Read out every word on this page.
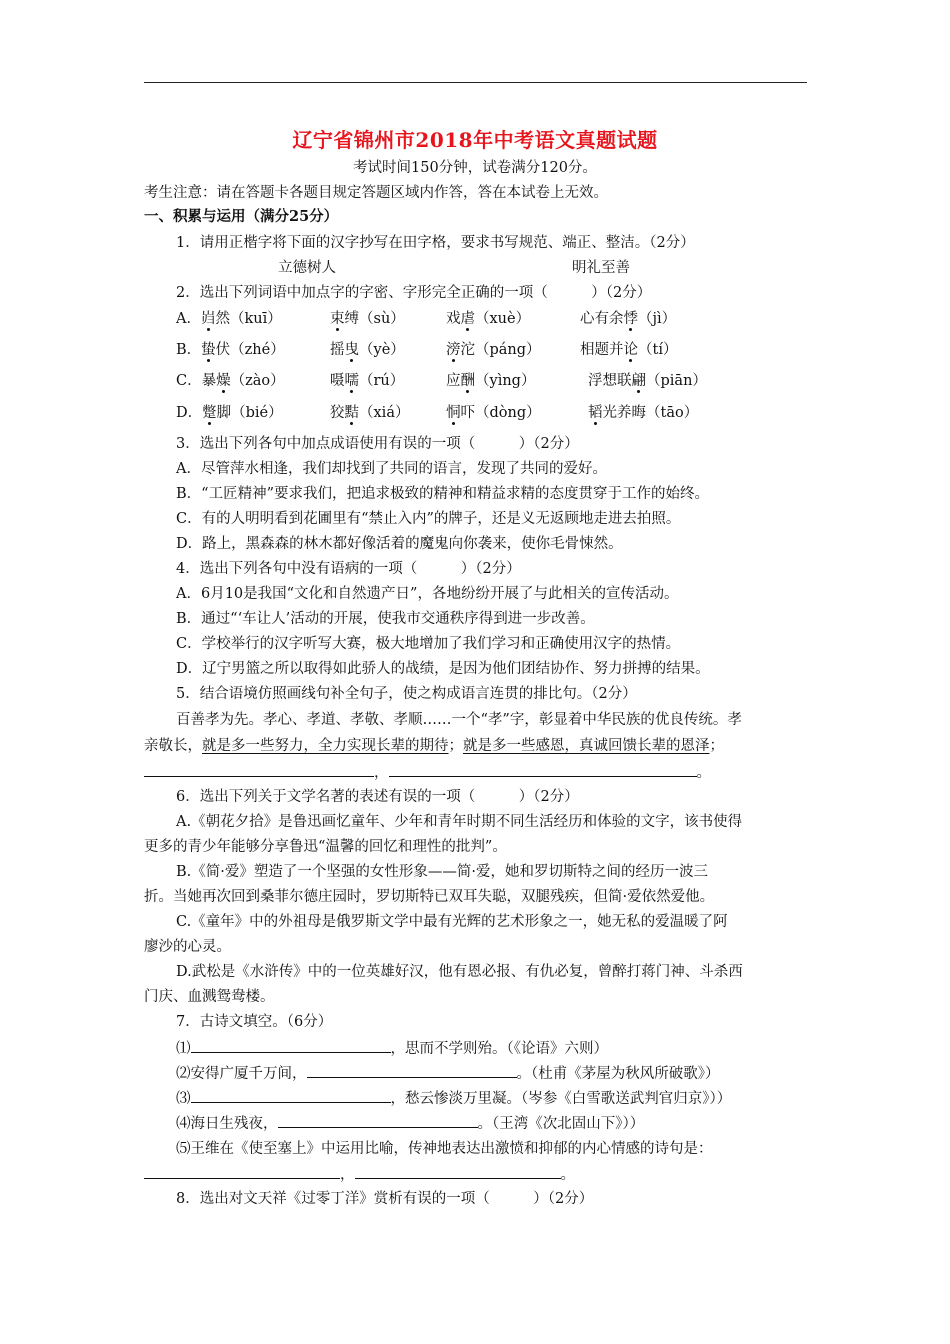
辽宁省锦州市2018年中考语文真题试题
考试时间150分钟，试卷满分120分。
考生注意：请在答题卡各题目规定答题区域内作答，答在本试卷上无效。
一、积累与运用（满分25分）
1．请用正楷字将下面的汉字抄写在田字格，要求书写规范、端正、整洁。（2分）
立德树人	明礼至善
2．选出下列词语中加点字的字密、字形完全正确的一项（　　　）（2分）
A．岿然（kuī）	束缚（sù）	戏虐（xuè）	心有余悸（jì）
B．蛰伏（zhé）	摇曳（yè）	滂沱（páng）	相题并论（tí）
C．暴燥（zào）	嗫嚅（rú）	应酬（yìng）	浮想联翩（piān）
D．蹩脚（bié）	狡黠（xiá）	恫吓（dòng）	韬光养晦（tāo）
3．选出下列各句中加点成语使用有误的一项（　　　）（2分）
A．尽管萍水相逢，我们却找到了共同的语言，发现了共同的爱好。
B．“工匠精神”要求我们，把追求极致的精神和精益求精的态度贯穿于工作的始终。
C．有的人明明看到花圃里有“禁止入内”的牌子，还是义无返顾地走进去拍照。
D．路上，黑森森的林木都好像活着的魔鬼向你袭来，使你毛骨悚然。
4．选出下列各句中没有语病的一项（　　　）（2分）
A．6月10是我国“文化和自然遗产日”，各地纷纷开展了与此相关的宣传活动。
B．通过“‘车让人’活动的开展，使我市交通秩序得到进一步改善。
C．学校举行的汉字听写大赛，极大地增加了我们学习和正确使用汉字的热情。
D．辽宁男篮之所以取得如此骄人的战绩，是因为他们团结协作、努力拼搏的结果。
5．结合语境仿照画线句补全句子，使之构成语言连贯的排比句。（2分）
百善孝为先。孝心、孝道、孝敬、孝顺……一个“孝”字，彰显着中华民族的优良传统。孝
亲敬长，就是多一些努力，全力实现长辈的期待；就是多一些感恩，真诚回馈长辈的恩泽；
，	。
6．选出下列关于文学名著的表述有误的一项（　　　）（2分）
A.《朝花夕拾》是鲁迅画忆童年、少年和青年时期不同生活经历和体验的文字，该书使得
更多的青少年能够分享鲁迅“温馨的回忆和理性的批判”。
B.《简·爱》塑造了一个坚强的女性形象——简·爱，她和罗切斯特之间的经历一波三
折。当她再次回到桑菲尔德庄园时，罗切斯特已双耳失聪，双腿残疾，但简·爱依然爱他。
C.《童年》中的外祖母是俄罗斯文学中最有光辉的艺术形象之一，她无私的爱温暖了阿
廖沙的心灵。
D.武松是《水浒传》中的一位英雄好汉，他有恩必报、有仇必复，曾醉打蒋门神、斗杀西
门庆、血溅鸳鸯楼。
7．古诗文填空。（6分）
⑴	，思而不学则殆。（《论语》六则）
⑵安得广厦千万间，	。（杜甫《茅屋为秋风所破歌》）
⑶	，愁云惨淡万里凝。（岑参《白雪歌送武判官归京》））
⑷海日生残夜，	。（王湾《次北固山下》））
⑸王维在《使至塞上》中运用比喻，传神地表达出激愤和抑郁的内心情感的诗句是：
，	。
8．选出对文天祥《过零丁洋》赏析有误的一项（　　　）（2分）
